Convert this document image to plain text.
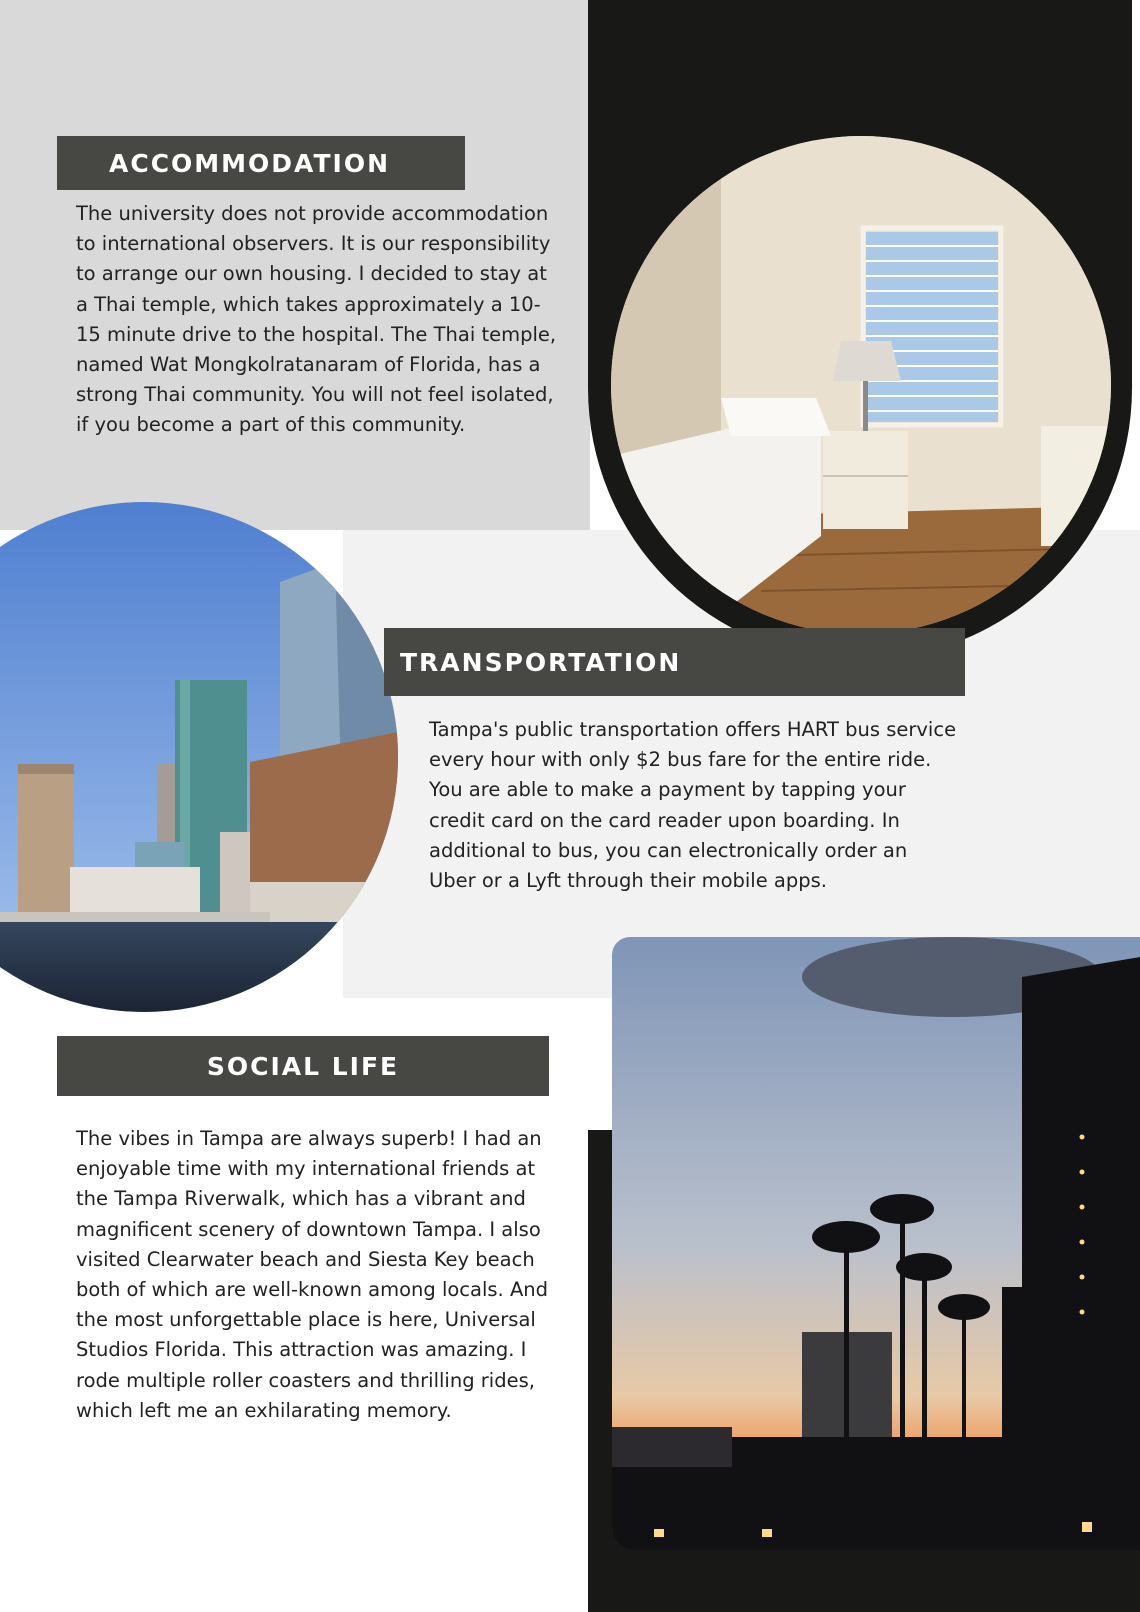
ACCOMMODATION

The university does not provide accommodation to international observers. It is our responsibility to arrange our own housing. I decided to stay at a Thai temple, which takes approximately a 10-15 minute drive to the hospital. The Thai temple, named Wat Mongkolratanaram of Florida, has a strong Thai community. You will not feel isolated, if you become a part of this community.

TRANSPORTATION

Tampa's public transportation offers HART bus service every hour with only $2 bus fare for the entire ride. You are able to make a payment by tapping your credit card on the card reader upon boarding. In additional to bus, you can electronically order an Uber or a Lyft through their mobile apps.

SOCIAL LIFE

The vibes in Tampa are always superb! I had an enjoyable time with my international friends at the Tampa Riverwalk, which has a vibrant and magnificent scenery of downtown Tampa. I also visited Clearwater beach and Siesta Key beach both of which are well-known among locals. And the most unforgettable place is here, Universal Studios Florida. This attraction was amazing. I rode multiple roller coasters and thrilling rides, which left me an exhilarating memory.
